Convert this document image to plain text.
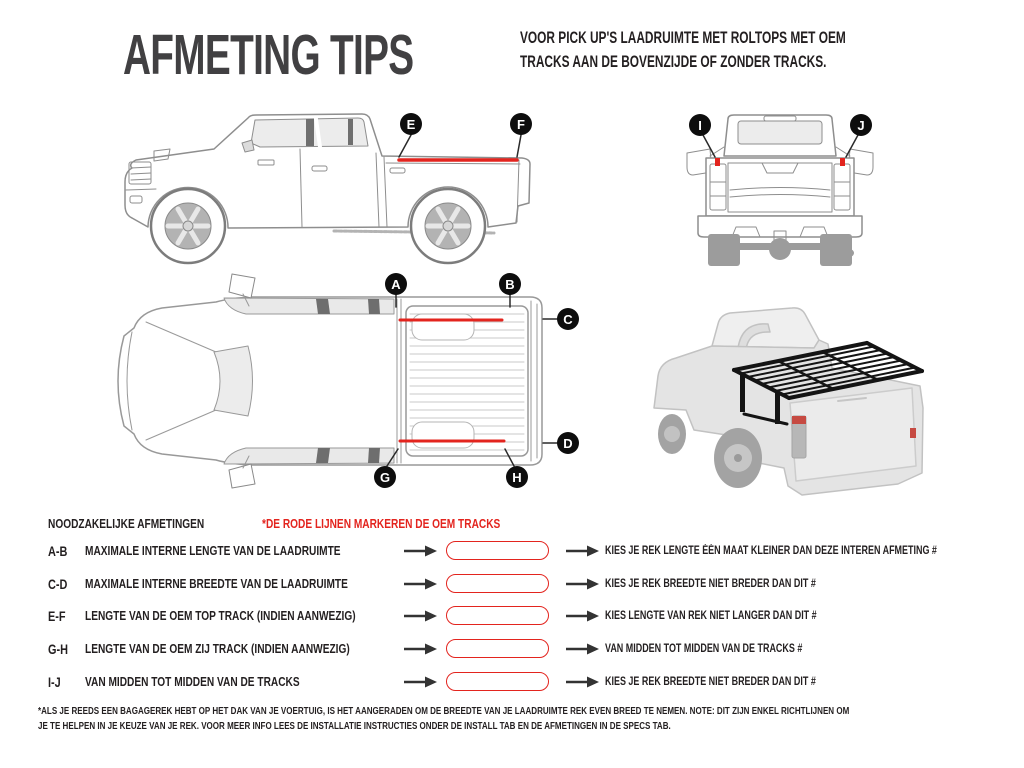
AFMETING TIPS	VOOR PICK UP'S LAADRUIMTE MET ROLTOPS MET OEM
TRACKS AAN DE BOVENZIJDE OF ZONDER TRACKS.
E	F	I	J
A	B
C
D
G	H
NOODZAKELIJKE AFMETINGEN	*DE RODE LIJNEN MARKEREN DE OEM TRACKS
A-B	MAXIMALE INTERNE LENGTE VAN DE LAADRUIMTE	KIES JE REK LENGTE ÉÉN MAAT KLEINER DAN DEZE INTEREN AFMETING #
C-D	MAXIMALE INTERNE BREEDTE VAN DE LAADRUIMTE	KIES JE REK BREEDTE NIET BREDER DAN DIT #
E-F	LENGTE VAN DE OEM TOP TRACK (INDIEN AANWEZIG)	KIES LENGTE VAN REK NIET LANGER DAN DIT #
G-H	LENGTE VAN DE OEM ZIJ TRACK (INDIEN AANWEZIG)	VAN MIDDEN TOT MIDDEN VAN DE TRACKS #
I-J VAN MIDDEN TOT MIDDEN VAN DE TRACKS	KIES JE REK BREEDTE NIET BREDER DAN DIT #
*ALS JE REEDS EEN BAGAGEREK HEBT OP HET DAK VAN JE VOERTUIG, IS HET AANGERADEN OM DE BREEDTE VAN JE LAADRUIMTE REK EVEN BREED TE NEMEN. NOTE: DIT ZIJN ENKEL RICHTLIJNEN OM
JE TE HELPEN IN JE KEUZE VAN JE REK. VOOR MEER INFO LEES DE INSTALLATIE INSTRUCTIES ONDER DE INSTALL TAB EN DE AFMETINGEN IN DE SPECS TAB.
